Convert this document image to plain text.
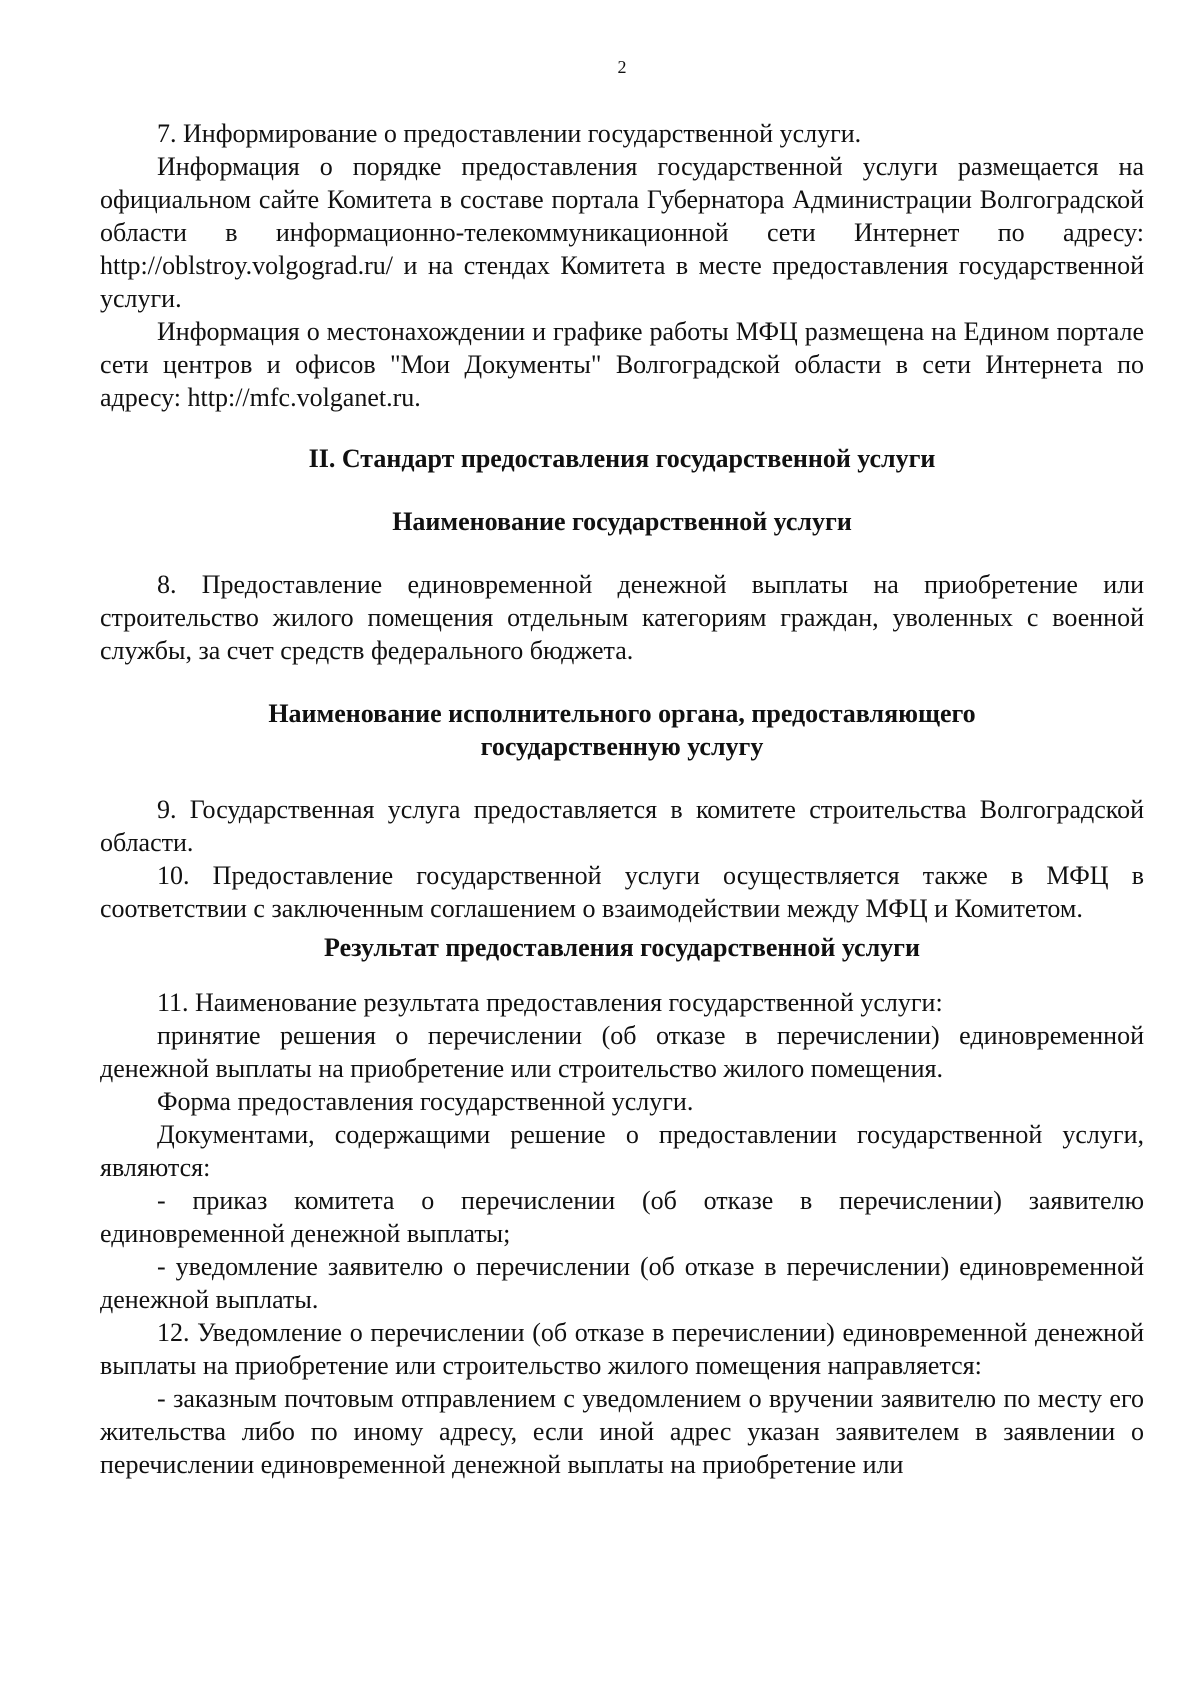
2

7. Информирование о предоставлении государственной услуги.

Информация о порядке предоставления государственной услуги размещается на официальном сайте Комитета в составе портала Губернатора Администрации Волгоградской области в информационно-телекоммуникационной сети Интернет по адресу: http://oblstroy.volgograd.ru/ и на стендах Комитета в месте предоставления государственной услуги.

Информация о местонахождении и графике работы МФЦ размещена на Едином портале сети центров и офисов "Мои Документы" Волгоградской области в сети Интернета по адресу: http://mfc.volganet.ru.

II. Стандарт предоставления государственной услуги

Наименование государственной услуги

8. Предоставление единовременной денежной выплаты на приобретение или строительство жилого помещения отдельным категориям граждан, уволенных с военной службы, за счет средств федерального бюджета.

Наименование исполнительного органа, предоставляющего
государственную услугу

9. Государственная услуга предоставляется в комитете строительства Волгоградской области.

10. Предоставление государственной услуги осуществляется также в МФЦ в соответствии с заключенным соглашением о взаимодействии между МФЦ и Комитетом.

Результат предоставления государственной услуги

11. Наименование результата предоставления государственной услуги:

принятие решения о перечислении (об отказе в перечислении) единовременной денежной выплаты на приобретение или строительство жилого помещения.

Форма предоставления государственной услуги.

Документами, содержащими решение о предоставлении государственной услуги, являются:

- приказ комитета о перечислении (об отказе в перечислении) заявителю единовременной денежной выплаты;

- уведомление заявителю о перечислении (об отказе в перечислении) единовременной денежной выплаты.

12. Уведомление о перечислении (об отказе в перечислении) единовременной денежной выплаты на приобретение или строительство жилого помещения направляется:

- заказным почтовым отправлением с уведомлением о вручении заявителю по месту его жительства либо по иному адресу, если иной адрес указан заявителем в заявлении о перечислении единовременной денежной выплаты на приобретение или
